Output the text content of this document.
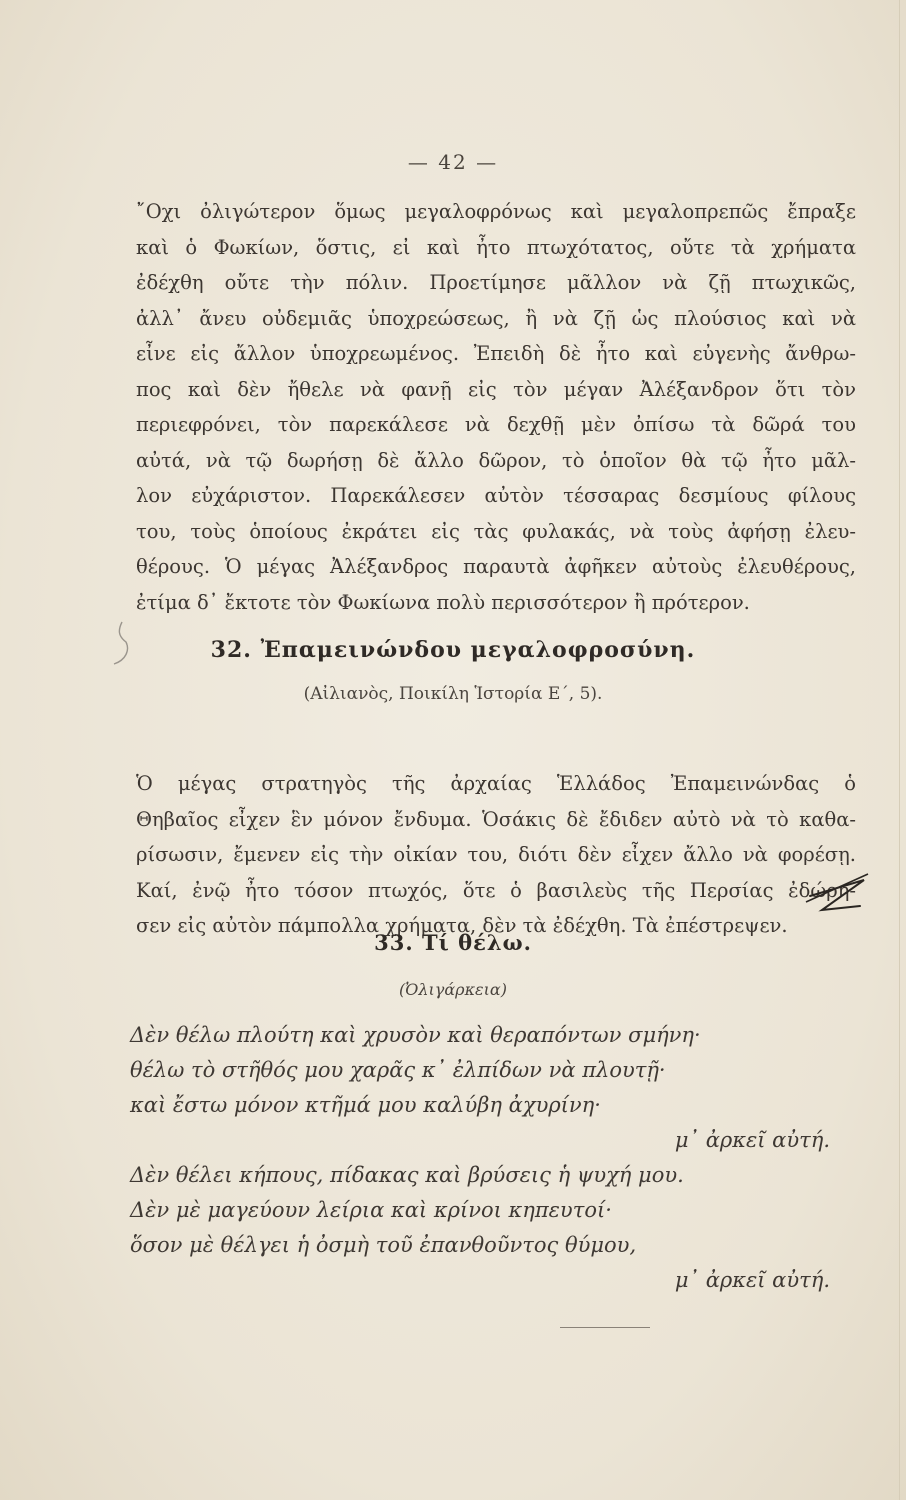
— 42 —
῎Οχι ὀλιγώτερον ὅμως μεγαλοφρόνως καὶ μεγαλοπρεπῶς ἔπραξε
καὶ ὁ Φωκίων, ὅστις, εἰ καὶ ἦτο πτωχότατος, οὔτε τὰ χρήματα
ἐδέχθη οὔτε τὴν πόλιν. Προετίμησε μᾶλλον νὰ ζῇ πτωχικῶς,
ἀλλ᾽ ἄνευ οὐδεμιᾶς ὑποχρεώσεως, ἢ νὰ ζῇ ὡς πλούσιος καὶ νὰ
εἶνε εἰς ἄλλον ὑποχρεωμένος. Ἐπειδὴ δὲ ἦτο καὶ εὐγενὴς ἄνθρω-
πος καὶ δὲν ἤθελε νὰ φανῇ εἰς τὸν μέγαν Ἀλέξανδρον ὅτι τὸν
περιεφρόνει, τὸν παρεκάλεσε νὰ δεχθῇ μὲν ὀπίσω τὰ δῶρά του
αὐτά, νὰ τῷ δωρήσῃ δὲ ἄλλο δῶρον, τὸ ὁποῖον θὰ τῷ ἦτο μᾶλ-
λον εὐχάριστον. Παρεκάλεσεν αὐτὸν τέσσαρας δεσμίους φίλους
του, τοὺς ὁποίους ἐκράτει εἰς τὰς φυλακάς, νὰ τοὺς ἀφήσῃ ἐλευ-
θέρους. Ὁ μέγας Ἀλέξανδρος παραυτὰ ἀφῆκεν αὐτοὺς ἐλευθέρους,
ἐτίμα δ᾽ ἔκτοτε τὸν Φωκίωνα πολὺ περισσότερον ἢ πρότερον.
32. Ἐπαμεινώνδου μεγαλοφροσύνη.
(Αἰλιανὸς, Ποικίλη Ἱστορία Ε´, 5).
Ὁ μέγας στρατηγὸς τῆς ἀρχαίας Ἑλλάδος Ἐπαμεινώνδας ὁ
Θηβαῖος εἶχεν ἓν μόνον ἔνδυμα. Ὁσάκις δὲ ἔδιδεν αὐτὸ νὰ τὸ καθα-
ρίσωσιν, ἔμενεν εἰς τὴν οἰκίαν του, διότι δὲν εἶχεν ἄλλο νὰ φορέσῃ.
Καί, ἐνῷ ἦτο τόσον πτωχός, ὅτε ὁ βασιλεὺς τῆς Περσίας ἐδώρη-
σεν εἰς αὐτὸν πάμπολλα χρήματα, δὲν τὰ ἐδέχθη. Τὰ ἐπέστρεψεν.
33. Τί θέλω.
(Ὀλιγάρκεια)
Δὲν θέλω πλούτη καὶ χρυσὸν καὶ θεραπόντων σμήνη·
θέλω τὸ στῆθός μου χαρᾶς κ᾽ ἐλπίδων νὰ πλουτῇ·
καὶ ἔστω μόνον κτῆμά μου καλύβη ἀχυρίνη·
μ᾽ ἀρκεῖ αὐτή.
Δὲν θέλει κήπους, πίδακας καὶ βρύσεις ἡ ψυχή μου.
Δὲν μὲ μαγεύουν λείρια καὶ κρίνοι κηπευτοί·
ὅσον μὲ θέλγει ἡ ὀσμὴ τοῦ ἐπανθοῦντος θύμου,
μ᾽ ἀρκεῖ αὐτή.
